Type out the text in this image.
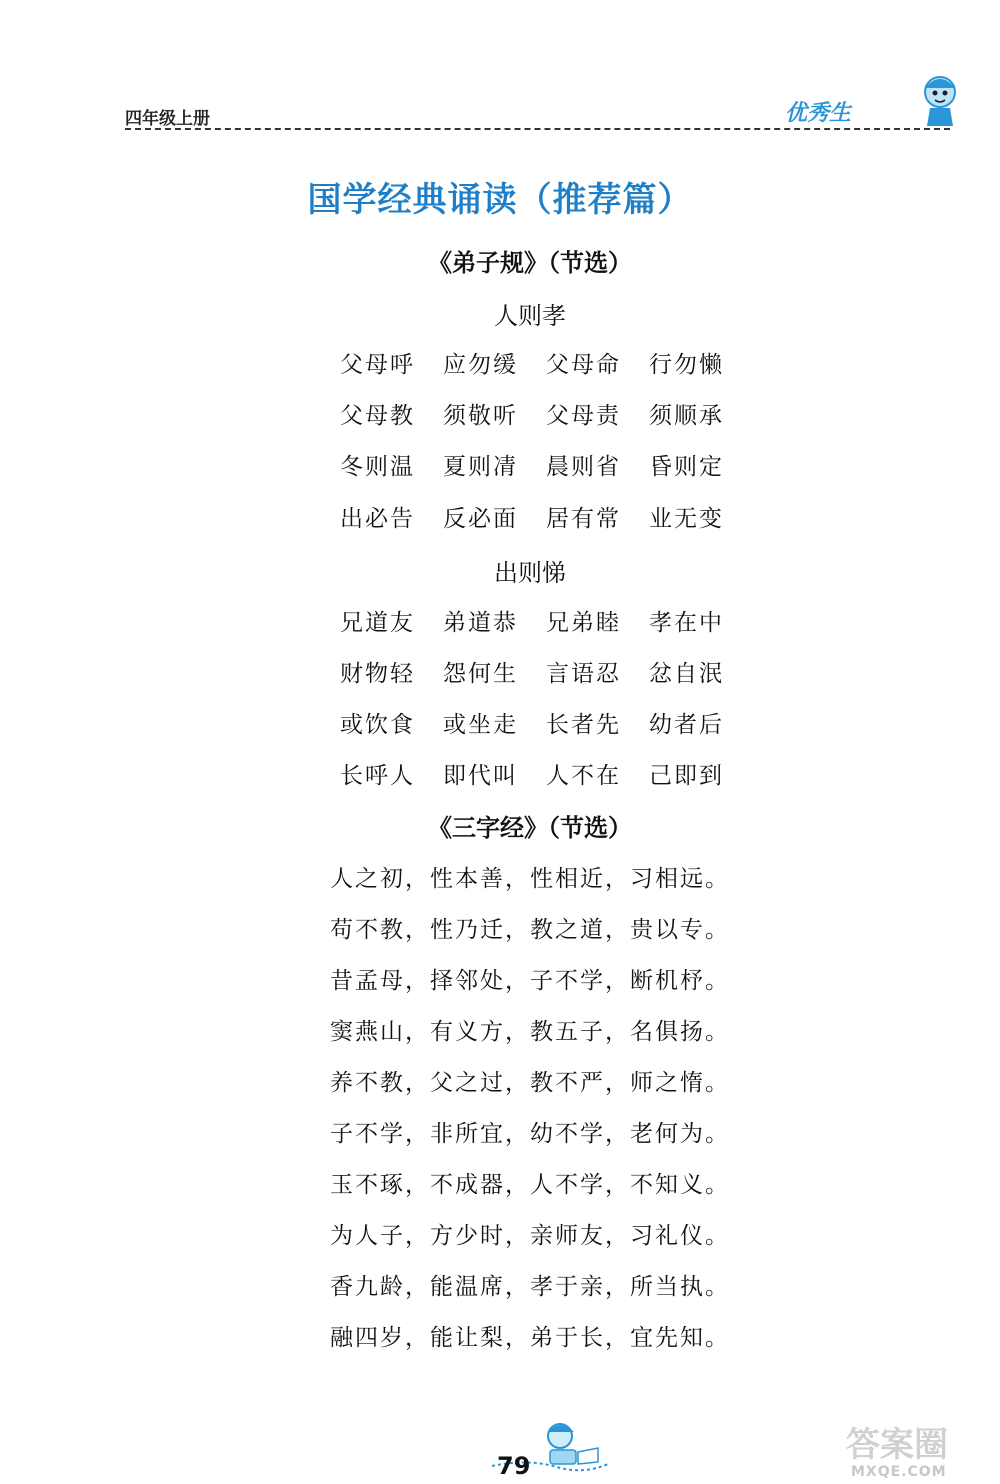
四年级上册	优秀生
国学经典诵读（推荐篇）
《弟子规》（节选）
人则孝
父母呼 应勿缓 父母命 行勿懒
父母教 须敬听 父母责 须顺承
冬则温 夏则凊 晨则省 昏则定
出必告 反必面 居有常 业无变
出则悌
兄道友 弟道恭 兄弟睦 孝在中
财物轻 怨何生 言语忍 忿自泯
或饮食 或坐走 长者先 幼者后
长呼人 即代叫 人不在 己即到
《三字经》（节选）
人之初，性本善，性相近，习相远。
苟不教，性乃迁，教之道，贵以专。
昔孟母，择邻处，子不学，断机杼。
窦燕山，有义方，教五子，名俱扬。
养不教，父之过，教不严，师之惰。
子不学，非所宜，幼不学，老何为。
玉不琢，不成器，人不学，不知义。
为人子，方少时，亲师友，习礼仪。
香九龄，能温席，孝于亲，所当执。
融四岁，能让梨，弟于长，宜先知。
79
答案圈
MXQE.COM
